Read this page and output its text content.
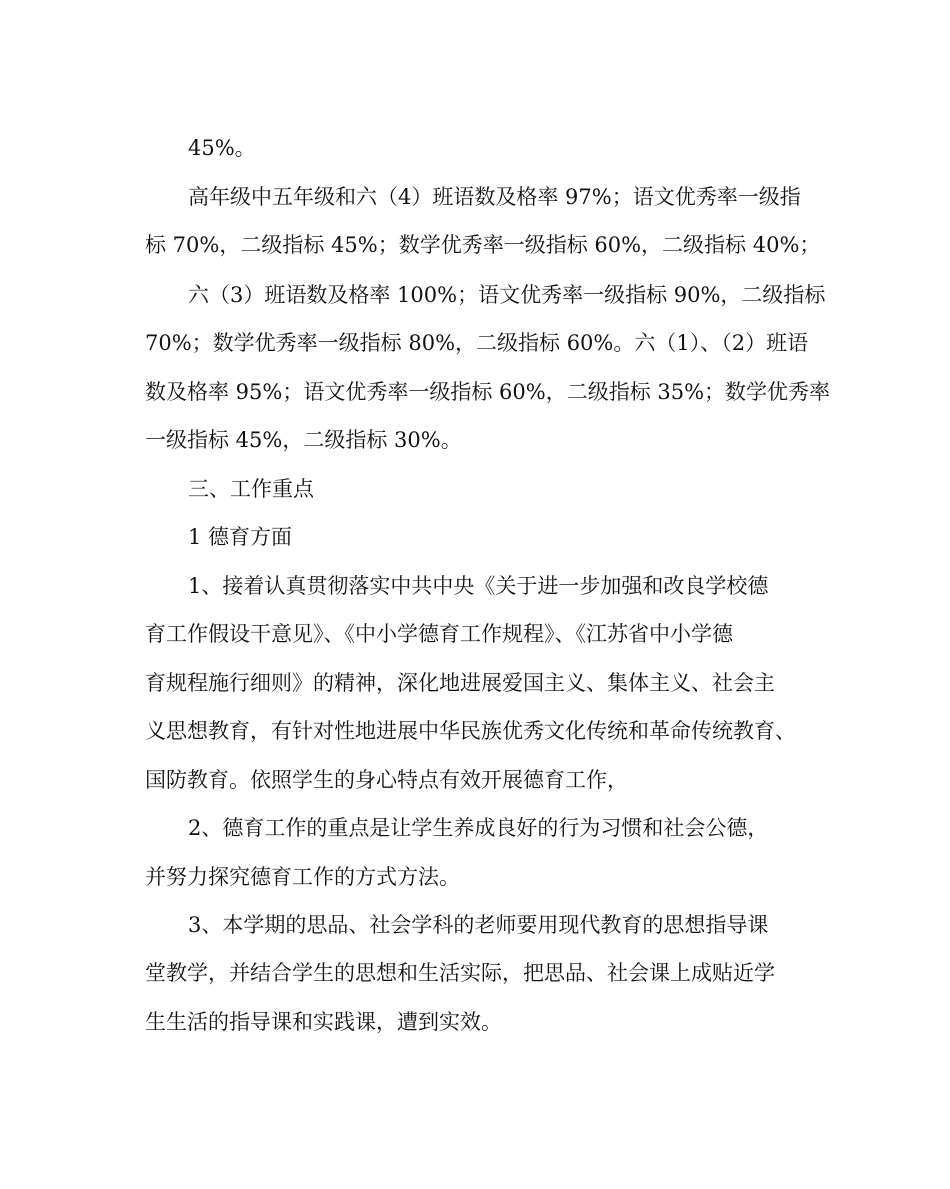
45%。
高年级中五年级和六（4）班语数及格率 97%；语文优秀率一级指
标 70%，二级指标 45%；数学优秀率一级指标 60%，二级指标 40%；
六（3）班语数及格率 100%；语文优秀率一级指标 90%，二级指标
70%；数学优秀率一级指标 80%，二级指标 60%。六（1）、（2）班语
数及格率 95%；语文优秀率一级指标 60%，二级指标 35%；数学优秀率
一级指标 45%，二级指标 30%。
三、工作重点
1 德育方面
1、接着认真贯彻落实中共中央《关于进一步加强和改良学校德
育工作假设干意见》、《中小学德育工作规程》、《江苏省中小学德
育规程施行细则》的精神，深化地进展爱国主义、集体主义、社会主
义思想教育，有针对性地进展中华民族优秀文化传统和革命传统教育、
国防教育。依照学生的身心特点有效开展德育工作，
2、德育工作的重点是让学生养成良好的行为习惯和社会公德，
并努力探究德育工作的方式方法。
3、本学期的思品、社会学科的老师要用现代教育的思想指导课
堂教学，并结合学生的思想和生活实际，把思品、社会课上成贴近学
生生活的指导课和实践课，遭到实效。
